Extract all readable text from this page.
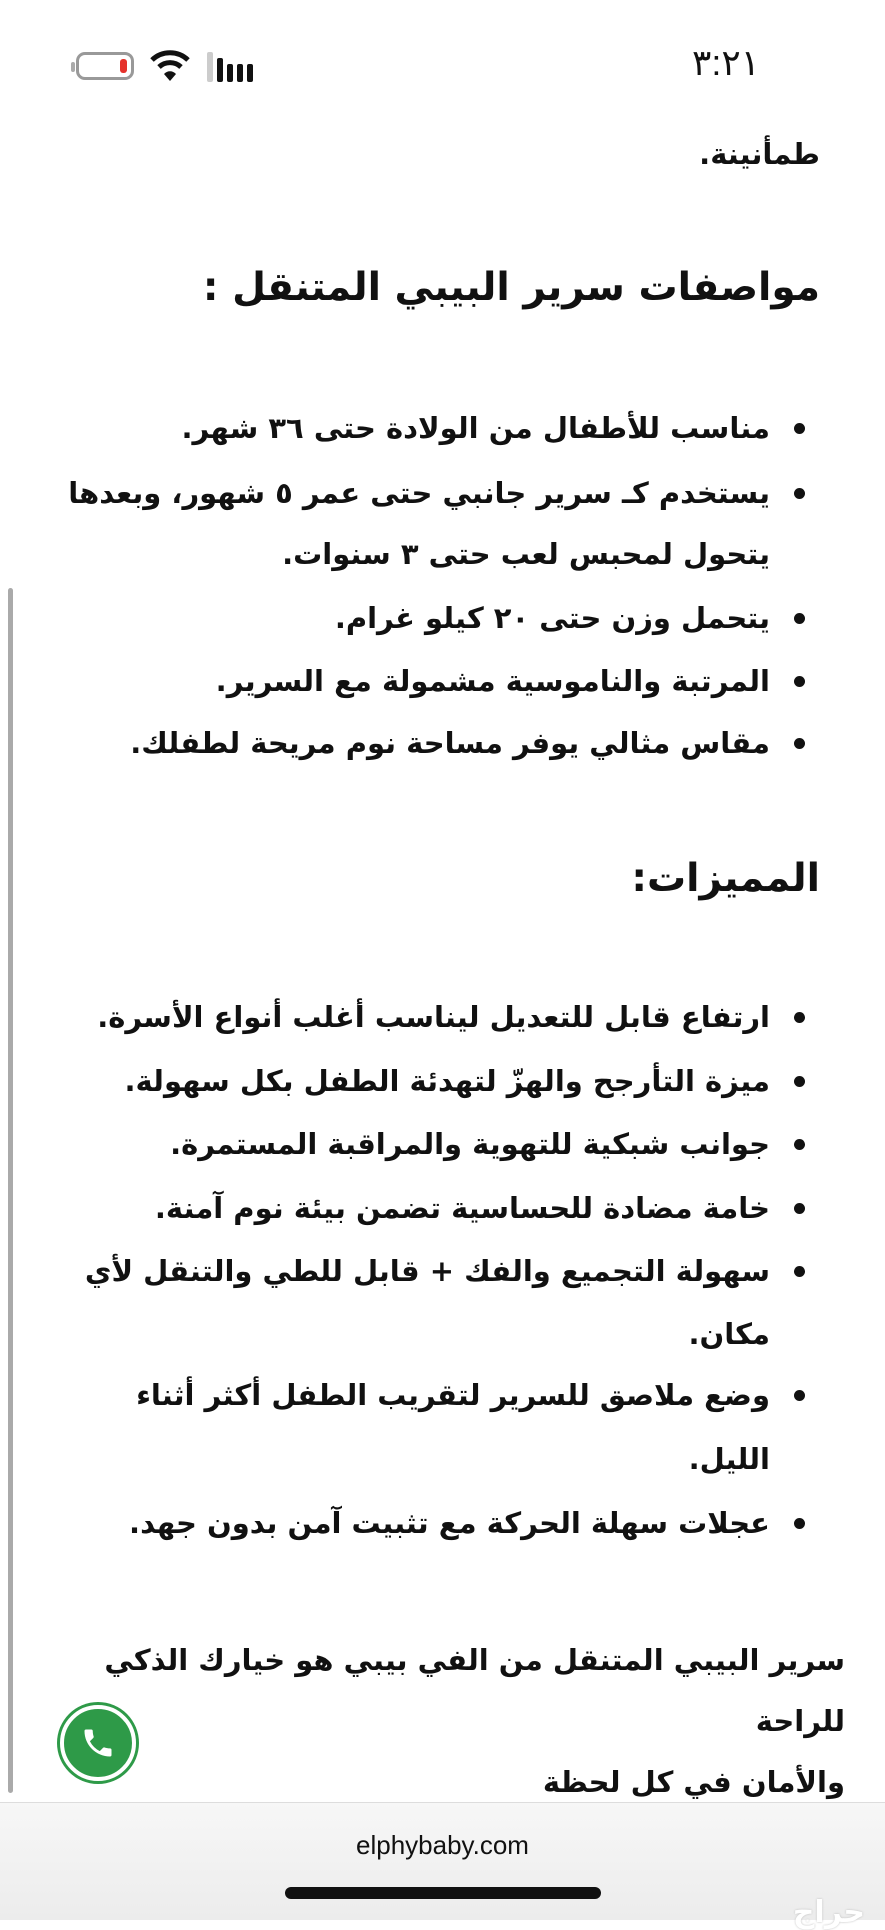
٣:٢١
طمأنينة.
مواصفات سرير البيبي المتنقل :
مناسب للأطفال من الولادة حتى ٣٦ شهر.
يستخدم كـ سرير جانبي حتى عمر ٥ شهور، وبعدها
يتحول لمحبس لعب حتى ٣ سنوات.
يتحمل وزن حتى ٢٠ كيلو غرام.
المرتبة والناموسية مشمولة مع السرير.
مقاس مثالي يوفر مساحة نوم مريحة لطفلك.
المميزات:
ارتفاع قابل للتعديل ليناسب أغلب أنواع الأسرة.
ميزة التأرجح والهزّ لتهدئة الطفل بكل سهولة.
جوانب شبكية للتهوية والمراقبة المستمرة.
خامة مضادة للحساسية تضمن بيئة نوم آمنة.
سهولة التجميع والفك + قابل للطي والتنقل لأي
مكان.
وضع ملاصق للسرير لتقريب الطفل أكثر أثناء
الليل.
عجلات سهلة الحركة مع تثبيت آمن بدون جهد.
سرير البيبي المتنقل من الفي بيبي هو خيارك الذكي للراحة
والأمان في كل لحظة
elphybaby.com
حراج
